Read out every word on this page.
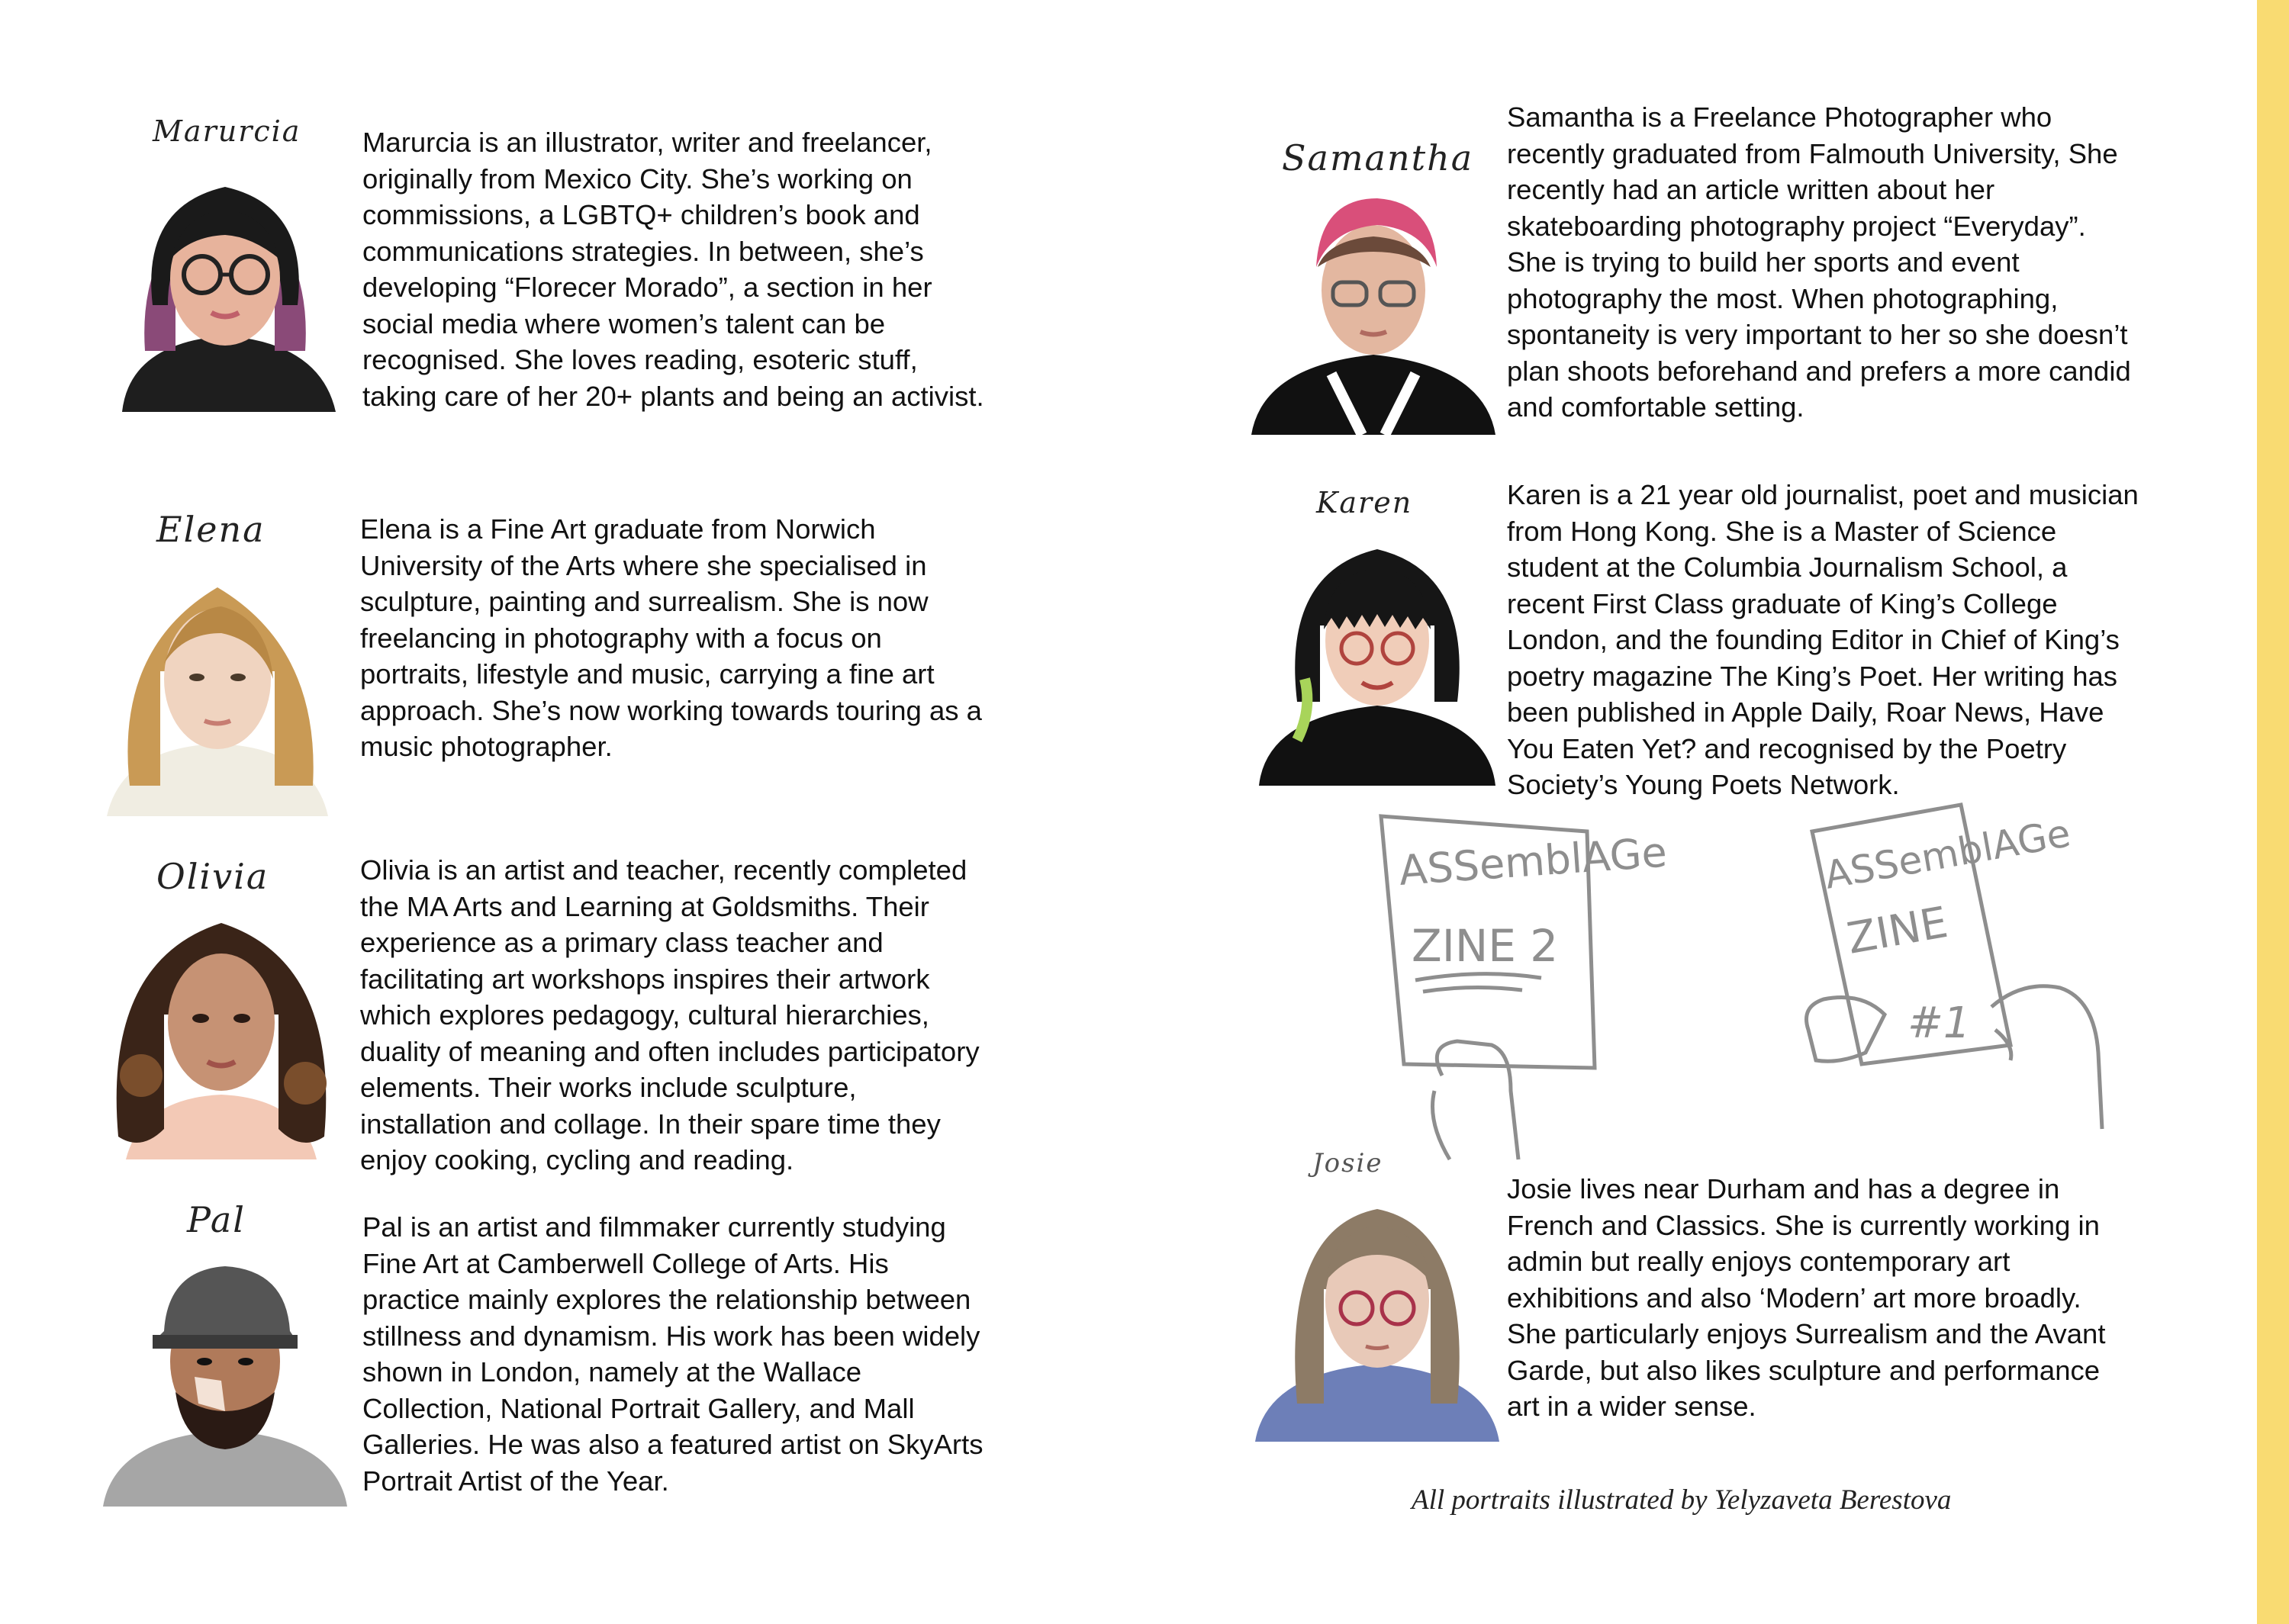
Marurcia Marurcia is an illustrator, writer and freelancer,
originally from Mexico City. She’s working on
commissions, a LGBTQ+ children’s book and
communications strategies. In between, she’s
developing “Florecer Morado”, a section in her
social media where women’s talent can be
recognised. She loves reading, esoteric stuff,
taking care of her 20+ plants and being an activist.
Elena	Elena is a Fine Art graduate from Norwich
University of the Arts where she specialised in
sculpture, painting and surrealism. She is now
freelancing in photography with a focus on
portraits, lifestyle and music, carrying a fine art
approach. She’s now working towards touring as a
music photographer.
Olivia	Olivia is an artist and teacher, recently completed
the MA Arts and Learning at Goldsmiths. Their
experience as a primary class teacher and
facilitating art workshops inspires their artwork
which explores pedagogy, cultural hierarchies,
duality of meaning and often includes participatory
elements. Their works include sculpture,
installation and collage. In their spare time they
enjoy cooking, cycling and reading.
Pal	Pal is an artist and filmmaker currently studying
Fine Art at Camberwell College of Arts. His
practice mainly explores the relationship between
stillness and dynamism. His work has been widely
shown in London, namely at the Wallace
Collection, National Portrait Gallery, and Mall
Galleries. He was also a featured artist on SkyArts
Portrait Artist of the Year.
Samantha
Samantha is a Freelance Photographer who
recently graduated from Falmouth University, She
recently had an article written about her
skateboarding photography project “Everyday”.
She is trying to build her sports and event
photography the most. When photographing,
spontaneity is very important to her so she doesn’t
plan shoots beforehand and prefers a more candid
and comfortable setting.
Karen	Karen is a 21 year old journalist, poet and musician
from Hong Kong. She is a Master of Science
student at the Columbia Journalism School, a
recent First Class graduate of King’s College
London, and the founding Editor in Chief of King’s
poetry magazine The King’s Poet. Her writing has
been published in Apple Daily, Roar News, Have
You Eaten Yet? and recognised by the Poetry
Society’s Young Poets Network.
ASSemblAGe
ZINE 2
ASSemblAGe
ZINE
#1
Josie
Josie lives near Durham and has a degree in
French and Classics. She is currently working in
admin but really enjoys contemporary art
exhibitions and also ‘Modern’ art more broadly.
She particularly enjoys Surrealism and the Avant
Garde, but also likes sculpture and performance
art in a wider sense.
All portraits illustrated by Yelyzaveta Berestova
